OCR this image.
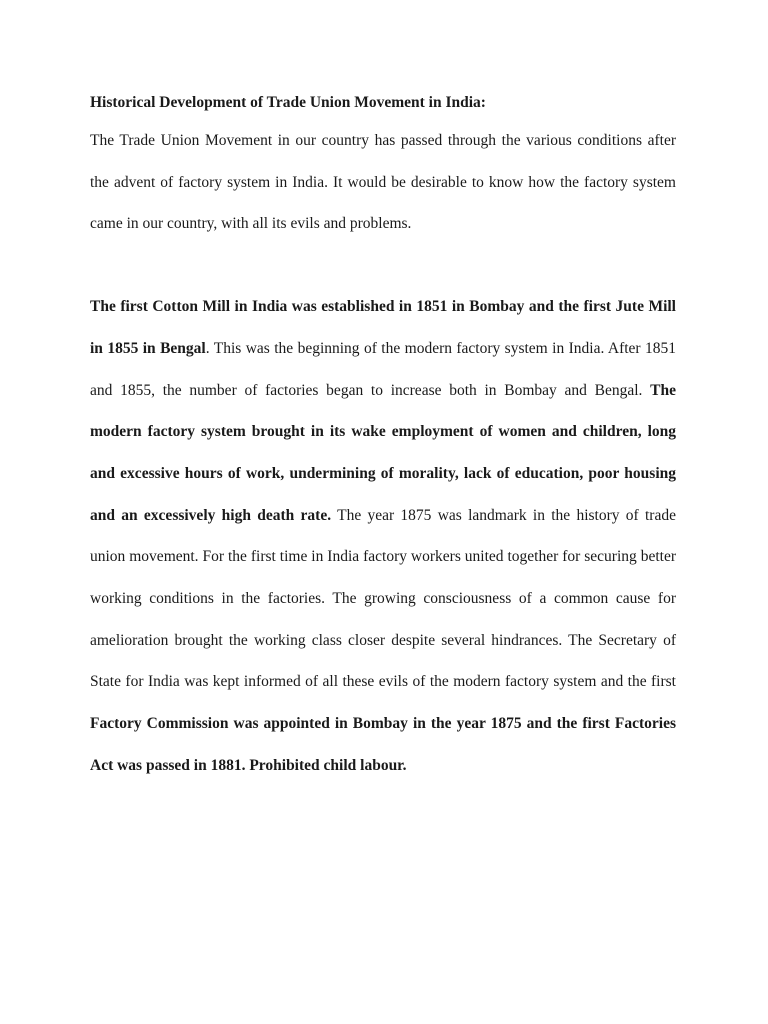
Historical Development of Trade Union Movement in India:

The Trade Union Movement in our country has passed through the various conditions after the advent of factory system in India. It would be desirable to know how the factory system came in our country, with all its evils and problems.

The first Cotton Mill in India was established in 1851 in Bombay and the first Jute Mill in 1855 in Bengal. This was the beginning of the modern factory system in India. After 1851 and 1855, the number of factories began to increase both in Bombay and Bengal. The modern factory system brought in its wake employment of women and children, long and excessive hours of work, undermining of morality, lack of education, poor housing and an excessively high death rate. The year 1875 was landmark in the history of trade union movement. For the first time in India factory workers united together for securing better working conditions in the factories. The growing consciousness of a common cause for amelioration brought the working class closer despite several hindrances. The Secretary of State for India was kept informed of all these evils of the modern factory system and the first Factory Commission was appointed in Bombay in the year 1875 and the first Factories Act was passed in 1881. Prohibited child labour.
